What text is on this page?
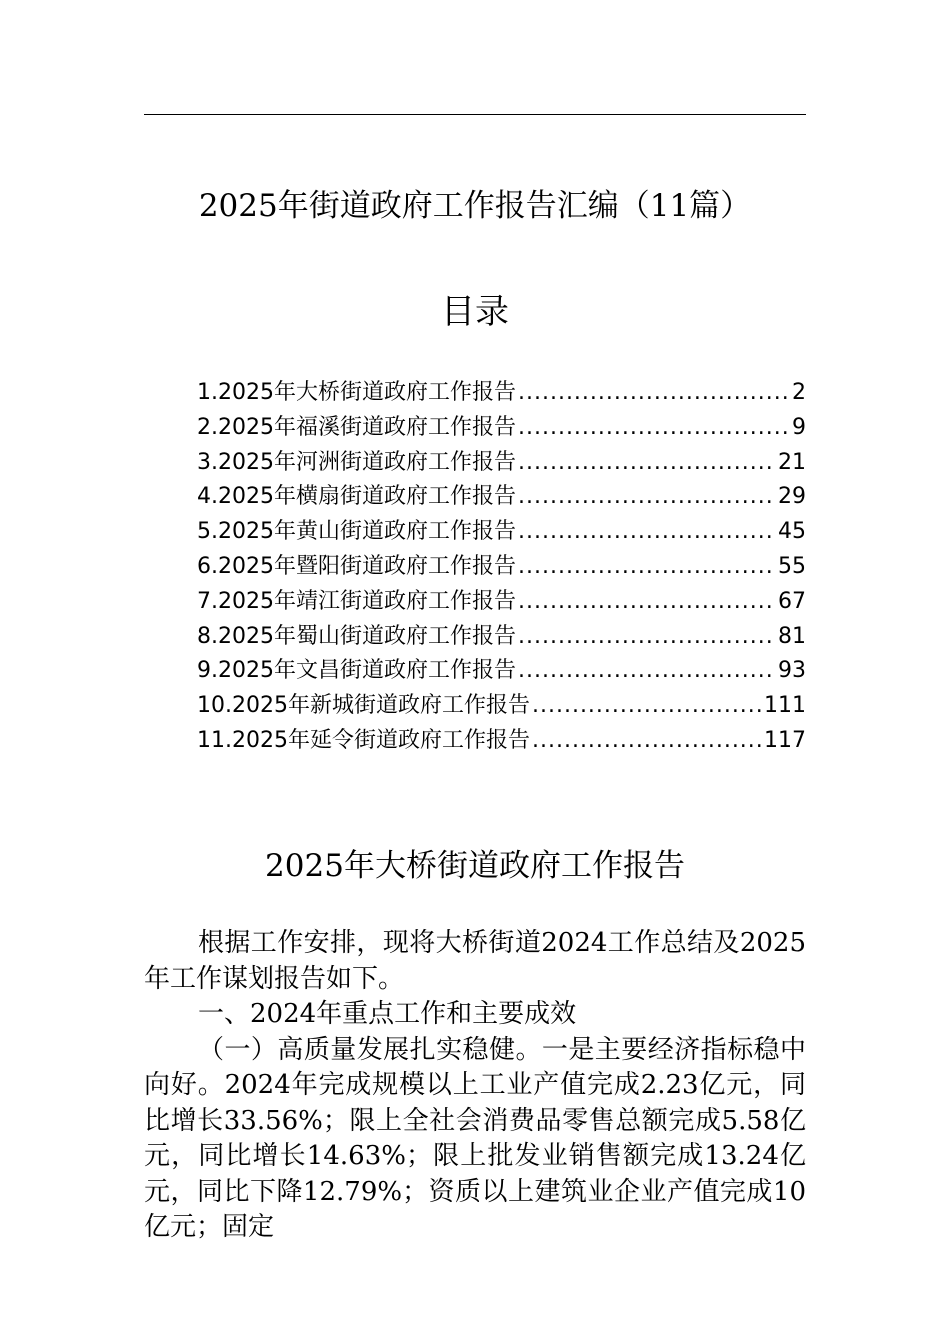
2025年街道政府工作报告汇编（11篇）
目录
1.2025年大桥街道政府工作报告 .....	2
2.2025年福溪街道政府工作报告 .....	9
3.2025年河洲街道政府工作报告 .....	21
4.2025年横扇街道政府工作报告 .....	29
5.2025年黄山街道政府工作报告 .....	45
6.2025年暨阳街道政府工作报告 .....	55
7.2025年靖江街道政府工作报告 .....	67
8.2025年蜀山街道政府工作报告 .....	81
9.2025年文昌街道政府工作报告 .....	93
10.2025年新城街道政府工作报告 .....	111
11.2025年延令街道政府工作报告 .....	117
2025年大桥街道政府工作报告

根据工作安排，现将大桥街道2024工作总结及2025年工作谋划报告如下。

一、2024年重点工作和主要成效

（一）高质量发展扎实稳健。一是主要经济指标稳中向好。2024年完成规模以上工业产值完成2.23亿元，同比增长33.56%；限上全社会消费品零售总额完成5.58亿元，同比增长14.63%；限上批发业销售额完成13.24亿元，同比下降12.79%；资质以上建筑业企业产值完成10亿元；固定
